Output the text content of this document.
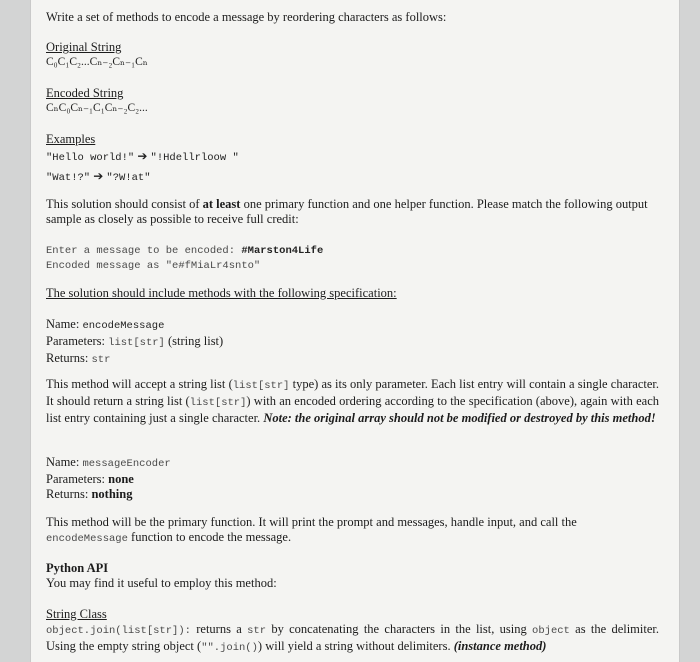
Write a set of methods to encode a message by reordering characters as follows:
Original String
C₀C₁C₂...Cₙ₋₂Cₙ₋₁Cₙ
Encoded String
CₙC₀Cₙ₋₁C₁Cₙ₋₂C₂...
Examples
"Hello world!" ➔ "!Hdellrloow "
"Wat!?" ➔ "?W!at"
This solution should consist of at least one primary function and one helper function. Please match the following output sample as closely as possible to receive full credit:
Enter a message to be encoded: #Marston4Life
Encoded message as "e#fMiaLr4snto"
The solution should include methods with the following specification:
Name: encodeMessage
Parameters: list[str] (string list)
Returns: str
This method will accept a string list (list[str] type) as its only parameter. Each list entry will contain a single character. It should return a string list (list[str]) with an encoded ordering according to the specification (above), again with each list entry containing just a single character. Note: the original array should not be modified or destroyed by this method!
Name: messageEncoder
Parameters: none
Returns: nothing
This method will be the primary function. It will print the prompt and messages, handle input, and call the encodeMessage function to encode the message.
Python API
You may find it useful to employ this method:
String Class
object.join(list[str]): returns a str by concatenating the characters in the list, using object as the delimiter. Using the empty string object ("".join()) will yield a string without delimiters. (instance method)
